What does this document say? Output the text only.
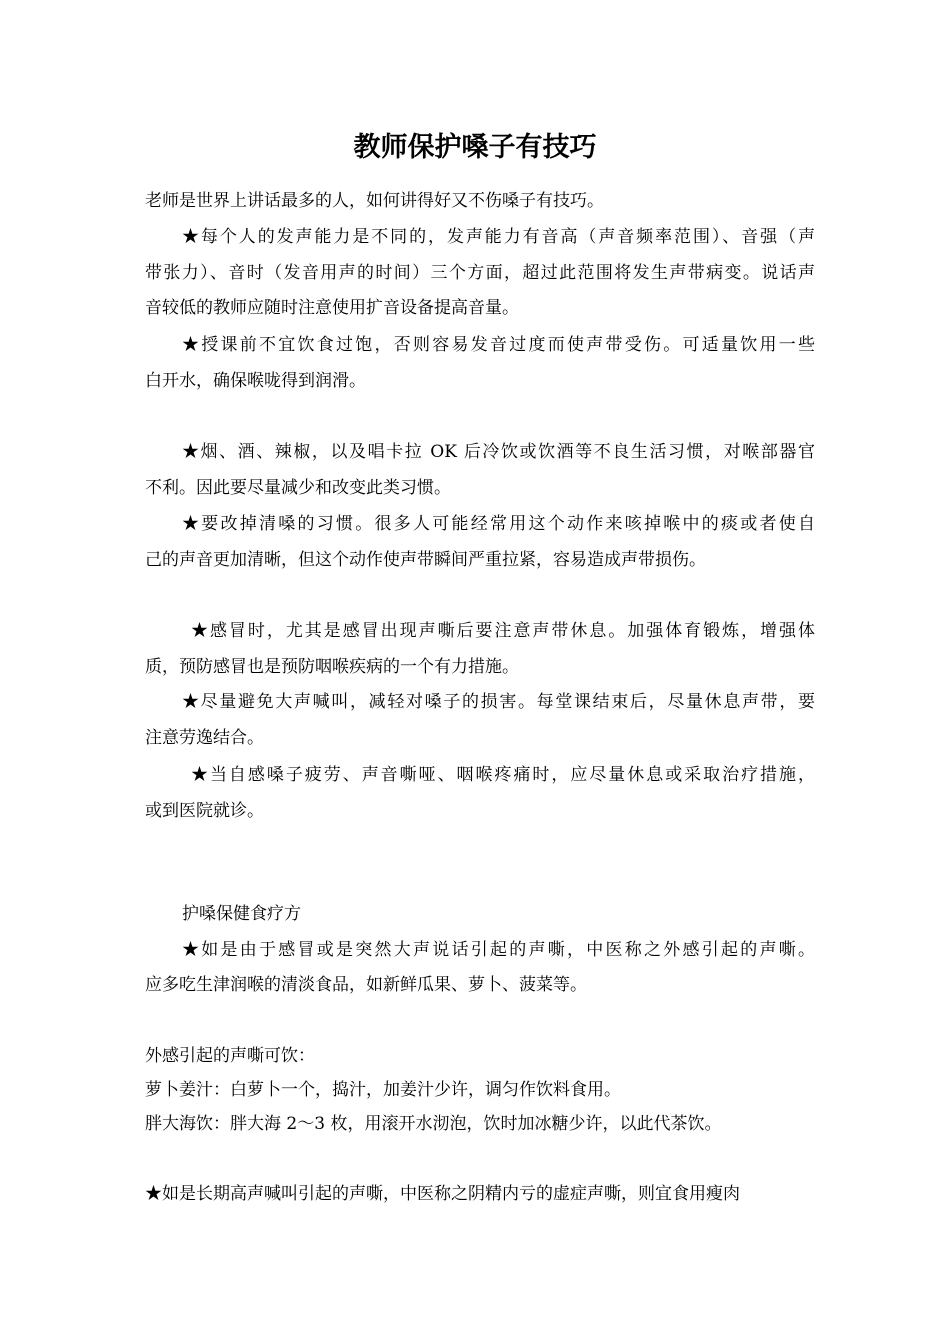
教师保护嗓子有技巧

老师是世界上讲话最多的人，如何讲得好又不伤嗓子有技巧。

★每个人的发声能力是不同的，发声能力有音高（声音频率范围）、音强（声

带张力）、音时（发音用声的时间）三个方面，超过此范围将发生声带病变。说话声

音较低的教师应随时注意使用扩音设备提高音量。

★授课前不宜饮食过饱，否则容易发音过度而使声带受伤。可适量饮用一些

白开水，确保喉咙得到润滑。

★烟、酒、辣椒，以及唱卡拉 OK 后冷饮或饮酒等不良生活习惯，对喉部器官

不利。因此要尽量减少和改变此类习惯。

★要改掉清嗓的习惯。很多人可能经常用这个动作来咳掉喉中的痰或者使自

己的声音更加清晰，但这个动作使声带瞬间严重拉紧，容易造成声带损伤。

★感冒时，尤其是感冒出现声嘶后要注意声带休息。加强体育锻炼，增强体

质，预防感冒也是预防咽喉疾病的一个有力措施。

★尽量避免大声喊叫，减轻对嗓子的损害。每堂课结束后，尽量休息声带，要

注意劳逸结合。

★当自感嗓子疲劳、声音嘶哑、咽喉疼痛时，应尽量休息或采取治疗措施，

或到医院就诊。

护嗓保健食疗方

★如是由于感冒或是突然大声说话引起的声嘶，中医称之外感引起的声嘶。

应多吃生津润喉的清淡食品，如新鲜瓜果、萝卜、菠菜等。

外感引起的声嘶可饮：

萝卜姜汁：白萝卜一个，捣汁，加姜汁少许，调匀作饮料食用。

胖大海饮：胖大海 2～3 枚，用滚开水沏泡，饮时加冰糖少许，以此代茶饮。

★如是长期高声喊叫引起的声嘶，中医称之阴精内亏的虚症声嘶，则宜食用瘦肉
